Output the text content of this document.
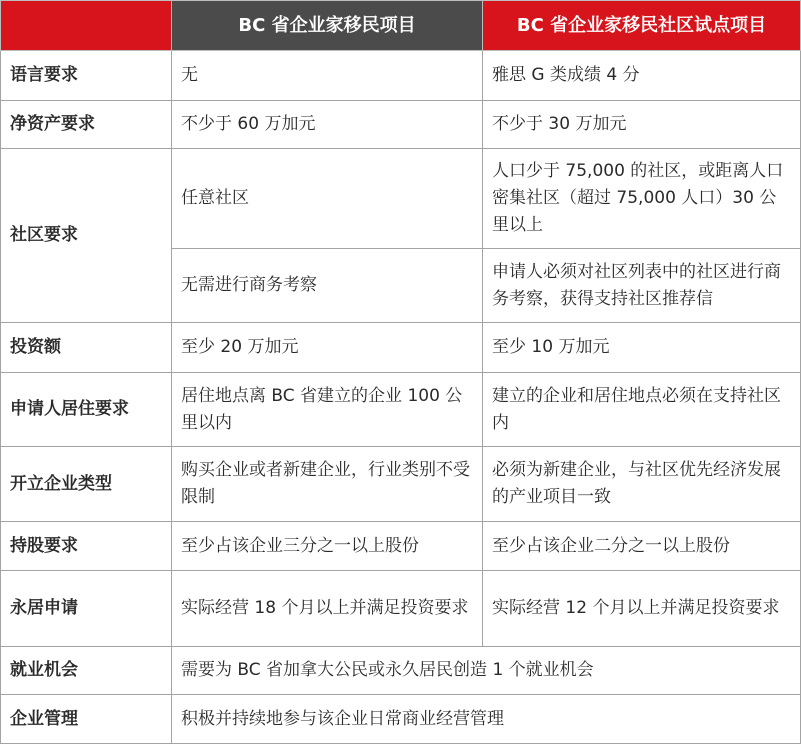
	BC 省企业家移民项目	BC 省企业家移民社区试点项目
语言要求	无	雅思 G 类成绩 4 分
净资产要求	不少于 60 万加元	不少于 30 万加元
社区要求	任意社区	人口少于 75,000 的社区，或距离人口密集社区（超过 75,000 人口）30 公里以上
	无需进行商务考察	申请人必须对社区列表中的社区进行商务考察，获得支持社区推荐信
投资额	至少 20 万加元	至少 10 万加元
申请人居住要求	居住地点离 BC 省建立的企业 100 公里以内	建立的企业和居住地点必须在支持社区内
开立企业类型	购买企业或者新建企业，行业类别不受限制	必须为新建企业，与社区优先经济发展的产业项目一致
持股要求	至少占该企业三分之一以上股份	至少占该企业二分之一以上股份
永居申请	实际经营 18 个月以上并满足投资要求	实际经营 12 个月以上并满足投资要求
就业机会	需要为 BC 省加拿大公民或永久居民创造 1 个就业机会	
企业管理	积极并持续地参与该企业日常商业经营管理	
